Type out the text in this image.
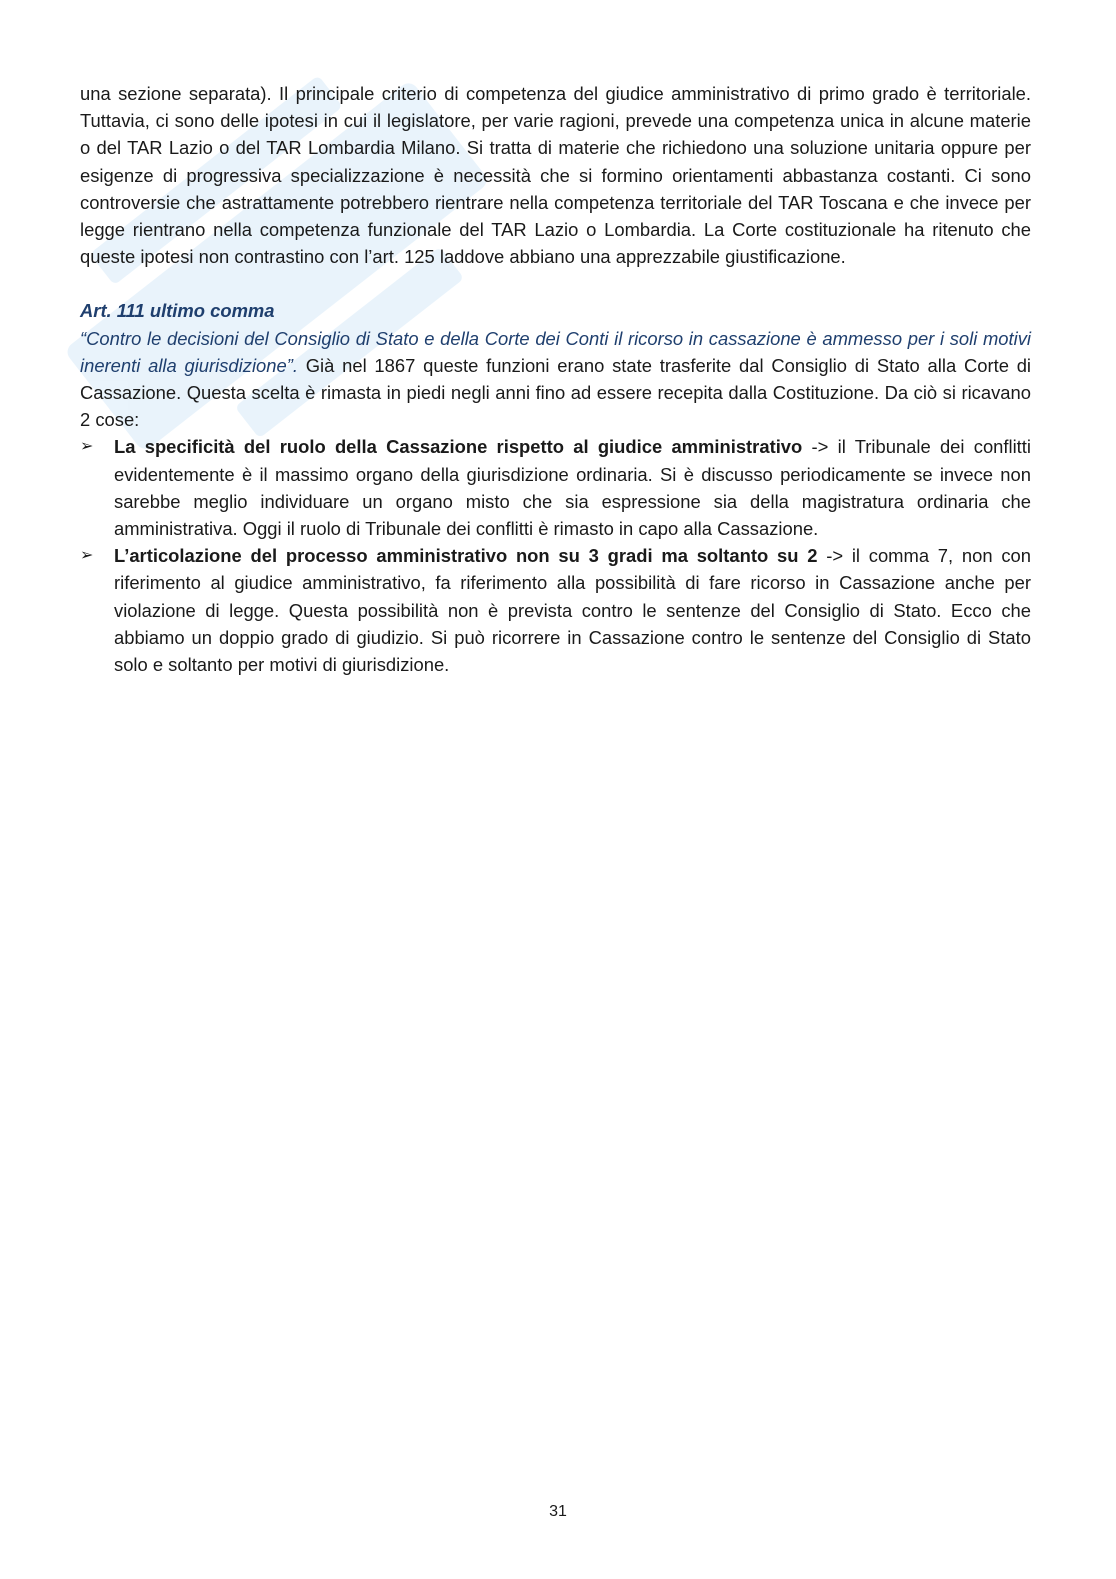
una sezione separata). Il principale criterio di competenza del giudice amministrativo di primo grado è territoriale. Tuttavia, ci sono delle ipotesi in cui il legislatore, per varie ragioni, prevede una competenza unica in alcune materie o del TAR Lazio o del TAR Lombardia Milano. Si tratta di materie che richiedono una soluzione unitaria oppure per esigenze di progressiva specializzazione è necessità che si formino orientamenti abbastanza costanti. Ci sono controversie che astrattamente potrebbero rientrare nella competenza territoriale del TAR Toscana e che invece per legge rientrano nella competenza funzionale del TAR Lazio o Lombardia. La Corte costituzionale ha ritenuto che queste ipotesi non contrastino con l’art. 125 laddove abbiano una apprezzabile giustificazione.

Art. 111 ultimo comma

“Contro le decisioni del Consiglio di Stato e della Corte dei Conti il ricorso in cassazione è ammesso per i soli motivi inerenti alla giurisdizione”. Già nel 1867 queste funzioni erano state trasferite dal Consiglio di Stato alla Corte di Cassazione. Questa scelta è rimasta in piedi negli anni fino ad essere recepita dalla Costituzione. Da ciò si ricavano 2 cose:

➢ La specificità del ruolo della Cassazione rispetto al giudice amministrativo -> il Tribunale dei conflitti evidentemente è il massimo organo della giurisdizione ordinaria. Si è discusso periodicamente se invece non sarebbe meglio individuare un organo misto che sia espressione sia della magistratura ordinaria che amministrativa. Oggi il ruolo di Tribunale dei conflitti è rimasto in capo alla Cassazione.
➢ L’articolazione del processo amministrativo non su 3 gradi ma soltanto su 2 -> il comma 7, non con riferimento al giudice amministrativo, fa riferimento alla possibilità di fare ricorso in Cassazione anche per violazione di legge. Questa possibilità non è prevista contro le sentenze del Consiglio di Stato. Ecco che abbiamo un doppio grado di giudizio. Si può ricorrere in Cassazione contro le sentenze del Consiglio di Stato solo e soltanto per motivi di giurisdizione.
31
